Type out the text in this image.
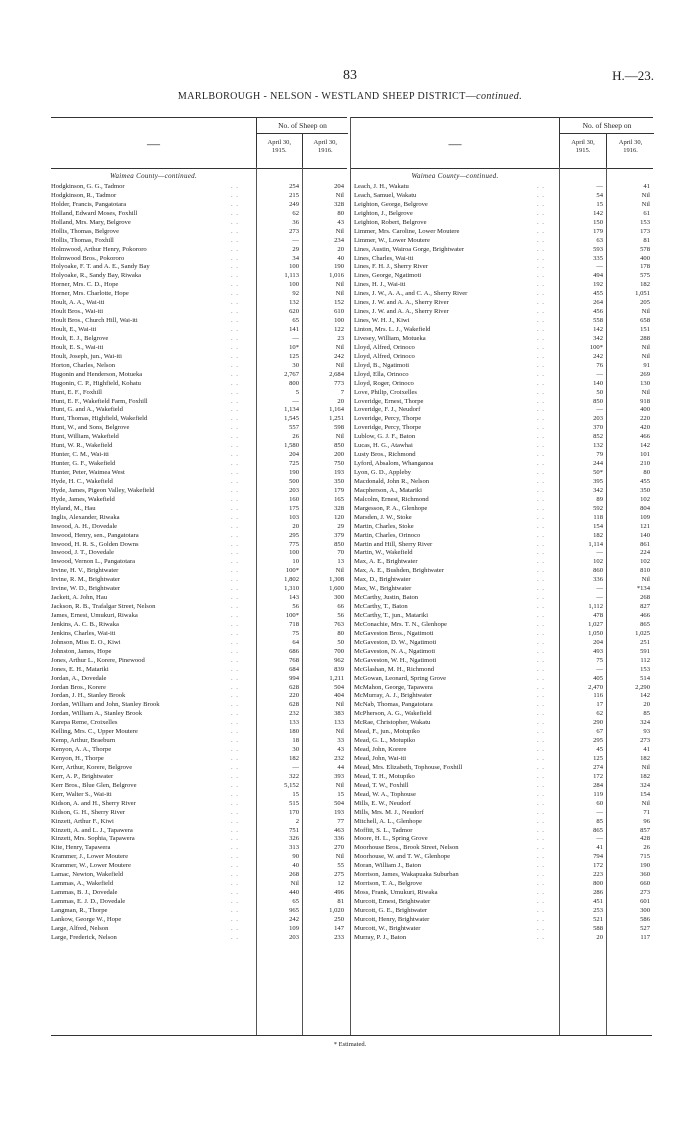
83	H.—23.
MARLBOROUGH - NELSON - WESTLAND SHEEP DISTRICT—continued.
—
No. of Sheep on
April 30,
1915.
April 30,
1916.
Waimea County—continued.
. .
Hodgkinson, G. G., Tadmor	254	204
. .
Hodgkinson, R., Tadmor	215	Nil
. .
Holder, Francis, Pangatotara	249	328
. .
Holland, Edward Moses, Foxhill	62	80
. .
Holland, Mrs. Mary, Belgrove	36	43
. .
Hollis, Thomas, Belgrove	273	Nil
. .
Hollis, Thomas, Foxhill	—	234
. .
Holmwood, Arthur Henry, Pokororo	29	20
. .
Holmwood Bros., Pokororo	34	40
. .
Holyoake, F. T. and A. E., Sandy Bay	100	190
. .
Holyoake, R., Sandy Bay, Riwaka	1,113	1,016
. .
Horner, Mrs. C. D., Hope	100	Nil
. .
Horner, Mrs. Charlotte, Hope	92	Nil
. .
Hoult, A. A., Wai-iti	132	152
. .
Hoult Bros., Wai-iti	620	610
. .
Hoult Bros., Church Hill, Wai-iti	65	100
. .
Hoult, E., Wai-iti	141	122
. .
Hoult, E. J., Belgrove	—	23
. .
Hoult, E. S., Wai-iti	10*	Nil
. .
Hoult, Joseph, jun., Wai-iti	125	242
. .
Horton, Charles, Nelson	30	Nil
. .
Hugonin and Henderson, Motueka	2,767	2,684
. .
Hugonin, C. P., Highfield, Kohatu	800	773
. .
Hunt, E. F., Foxhill	5	7
. .
Hunt, E. F., Wakefield Farm, Foxhill	—	20
. .
Hunt, G. and A., Wakefield	1,134	1,164
. .
Hunt, Thomas, Highfield, Wakefield	1,545	1,251
. .
Hunt, W., and Sons, Belgrove	557	598
. .
Hunt, William, Wakefield	26	Nil
. .
Hunt, W. R., Wakefield	1,580	850
. .
Hunter, C. M., Wai-iti	204	200
. .
Hunter, G. F., Wakefield	725	750
. .
Hunter, Peter, Waimea West	190	193
. .
Hyde, H. C., Wakefield	500	350
. .
Hyde, James, Pigeon Valley, Wakefield	203	179
. .
Hyde, James, Wakefield	160	165
. .
Hyland, M., Hau	175	328
. .
Inglis, Alexander, Riwaka	103	120
. .
Inwood, A. H., Dovedale	20	29
. .
Inwood, Henry, sen., Pangatotara	295	379
. .
Inwood, H. R. S., Golden Downs	775	850
. .
Inwood, J. T., Dovedale	100	70
. .
Inwood, Vernon L., Pangatotara	10	13
. .
Irvine, H. V., Brightwater	100*	Nil
. .
Irvine, R. M., Brightwater	1,802	1,308
. .
Irvine, W. D., Brightwater	1,310	1,600
. .
Jackett, A. John, Hau	143	300
. .
Jackson, R. B., Trafalgar Street, Nelson	56	66
. .
James, Ernest, Umukuri, Riwaka	100*	56
. .
Jenkins, A. C. B., Riwaka	718	763
. .
Jenkins, Charles, Wai-iti	75	80
. .
Johnson, Miss E. O., Kiwi	64	50
. .
Johnston, James, Hope	686	700
. .
Jones, Arthur L., Korere, Pinewood	768	962
. .
Jones, E. H., Matariki	684	839
. .
Jordan, A., Dovedale	994	1,211
. .
Jordan Bros., Korere	628	504
. .
Jordan, J. H., Stanley Brook	220	404
. .
Jordan, William and John, Stanley Brook	628	Nil
. .
Jordan, William A., Stanley Brook	232	383
. .
Karepa Reme, Croixelles	133	133
. .
Kelling, Mrs. C., Upper Moutere	180	Nil
. .
Kemp, Arthur, Braeburn	18	33
. .
Kenyon, A. A., Thorpe	30	43
. .
Kenyon, H., Thorpe	182	232
. .
Kerr, Arthur, Korere, Belgrove	—	44
. .
Kerr, A. P., Brightwater	322	393
. .
Kerr Bros., Blue Glen, Belgrove	5,152	Nil
. .
Kerr, Walter S., Wai-iti	15	15
. .
Kidson, A. and H., Sherry River	515	504
. .
Kidson, G. H., Sherry River	170	193
. .
Kinzett, Arthur F., Kiwi	2	77
. .
Kinzett, A. and L. J., Tapawera	751	463
. .
Kinzett, Mrs. Sophia, Tapawera	326	336
. .
Kite, Henry, Tapawera	313	270
. .
Krammer, J., Lower Moutere	90	Nil
. .
Krammer, W., Lower Moutere	40	55
. .
Lamac, Newton, Wakefield	268	275
. .
Lammas, A., Wakefield	Nil	12
. .
Lammas, B. J., Dovedale	440	496
. .
Lammas, E. J. D., Dovedale	65	81
. .
Langman, R., Thorpe	965	1,020
. .
Lankow, George W., Hope	242	250
. .
Large, Alfred, Nelson	109	147
. .
Large, Frederick, Nelson	203	233
—
No. of Sheep on
April 30,
1915.
April 30,
1916.
Waimea County—continued.
. .
Leach, J. H., Wakatu	—	41
. .
Leach, Samuel, Wakatu	54	Nil
. .
Leighton, George, Belgrove	15	Nil
. .
Leighton, J., Belgrove	142	61
. .
Leighton, Robert, Belgrove	150	153
. .
Limmer, Mrs. Caroline, Lower Moutere	179	173
. .
Limmer, W., Lower Moutere	63	81
. .
Lines, Austin, Wairoa Gorge, Brightwater	593	578
. .
Lines, Charles, Wai-iti	335	400
. .
Lines, F. H. J., Sherry River	—	178
. .
Lines, George, Ngatimoti	494	575
. .
Lines, H. J., Wai-iti	192	182
. .
Lines, J. W., A. A., and C. A., Sherry River	455	1,051
. .
Lines, J. W. and A. A., Sherry River	264	205
. .
Lines, J. W. and A. A., Sherry River	456	Nil
. .
Lines, W. H. J., Kiwi	558	658
. .
Linton, Mrs. L. J., Wakefield	142	151
. .
Livesey, William, Motueka	342	288
. .
Lloyd, Alfred, Orinoco	100*	Nil
. .
Lloyd, Alfred, Orinoco	242	Nil
. .
Lloyd, B., Ngatimoti	76	91
. .
Lloyd, Ella, Orinoco	—	269
. .
Lloyd, Roger, Orinoco	140	130
. .
Love, Philip, Croixelles	50	Nil
. .
Loveridge, Ernest, Thorpe	850	918
. .
Loveridge, F. J., Neudorf	—	400
. .
Loveridge, Percy, Thorpe	203	220
. .
Loveridge, Percy, Thorpe	370	420
. .
Lublow, G. J. F., Baton	852	466
. .
Lucas, H. G., Atawhai	132	142
. .
Lusty Bros., Richmond	79	101
. .
Lyford, Absalom, Whanganoa	244	210
. .
Lyon, G. D., Appleby	50*	80
. .
Macdonald, John R., Nelson	395	455
. .
Macpherson, A., Matariki	342	350
. .
Malcolm, Ernest, Richmond	89	102
. .
Margesson, P. A., Glenhope	592	804
. .
Marsden, J. W., Stoke	118	109
. .
Martin, Charles, Stoke	154	121
. .
Martin, Charles, Orinoco	182	140
. .
Martin and Hill, Sherry River	1,114	861
. .
Martin, W., Wakefield	—	224
. .
Max, A. E., Brightwater	102	102
. .
Max, A. E., Bushden, Brightwater	860	810
. .
Max, D., Brightwater	336	Nil
. .
Max, W., Brightwater	—	*134
. .
McCarthy, Justin, Baton	—	268
. .
McCarthy, T., Baton	1,112	827
. .
McCarthy, T., jun., Matariki	478	466
. .
McConachie, Mrs. T. N., Glenhope	1,027	865
. .
McGaveston Bros., Ngatimoti	1,050	1,025
. .
McGaveston, D. W., Ngatimoti	204	251
. .
McGaveston, N. A., Ngatimoti	493	591
. .
McGaveston, W. H., Ngatimoti	75	112
. .
McGlashan, M. H., Richmond	—	153
. .
McGowan, Leonard, Spring Grove	405	514
. .
McMahon, George, Tapawera	2,470	2,290
. .
McMurray, A. J., Brightwater	116	142
. .
McNab, Thomas, Pangatotara	17	20
. .
McPherson, A. G., Wakefield	62	85
. .
McRae, Christopher, Wakatu	290	324
. .
Mead, F., jun., Motupiko	67	93
. .
Mead, G. L., Motupiko	295	273
. .
Mead, John, Korere	45	41
. .
Mead, John, Wai-iti	125	182
. .
Mead, Mrs. Elizabeth, Tophouse, Foxhill	274	Nil
. .
Mead, T. H., Motupiko	172	182
. .
Mead, T. W., Foxhill	284	324
. .
Mead, W. A., Tophouse	119	154
. .
Mills, E. W., Neudorf	60	Nil
. .
Mills, Mrs. M. J., Neudorf	—	71
. .
Mitchell, A. L., Glenhope	85	96
. .
Moffitt, S. L., Tadmor	865	857
. .
Moore, H. L., Spring Grove	—	428
. .
Moorhouse Bros., Brook Street, Nelson	41	26
. .
Moorhouse, W. and T. W., Glenhope	794	715
. .
Moran, William J., Baton	172	190
. .
Morrison, James, Wakapuaka Suburban	223	360
. .
Morrison, T. A., Belgrove	800	660
. .
Moss, Frank, Umukuri, Riwaka	286	273
. .
Murcott, Ernest, Brightwater	451	601
. .
Murcott, G. E., Brightwater	253	300
. .
Murcott, Henry, Brightwater	521	586
. .
Murcott, W., Brightwater	588	527
. .
Murray, P. J., Baton	20	117
* Estimated.
